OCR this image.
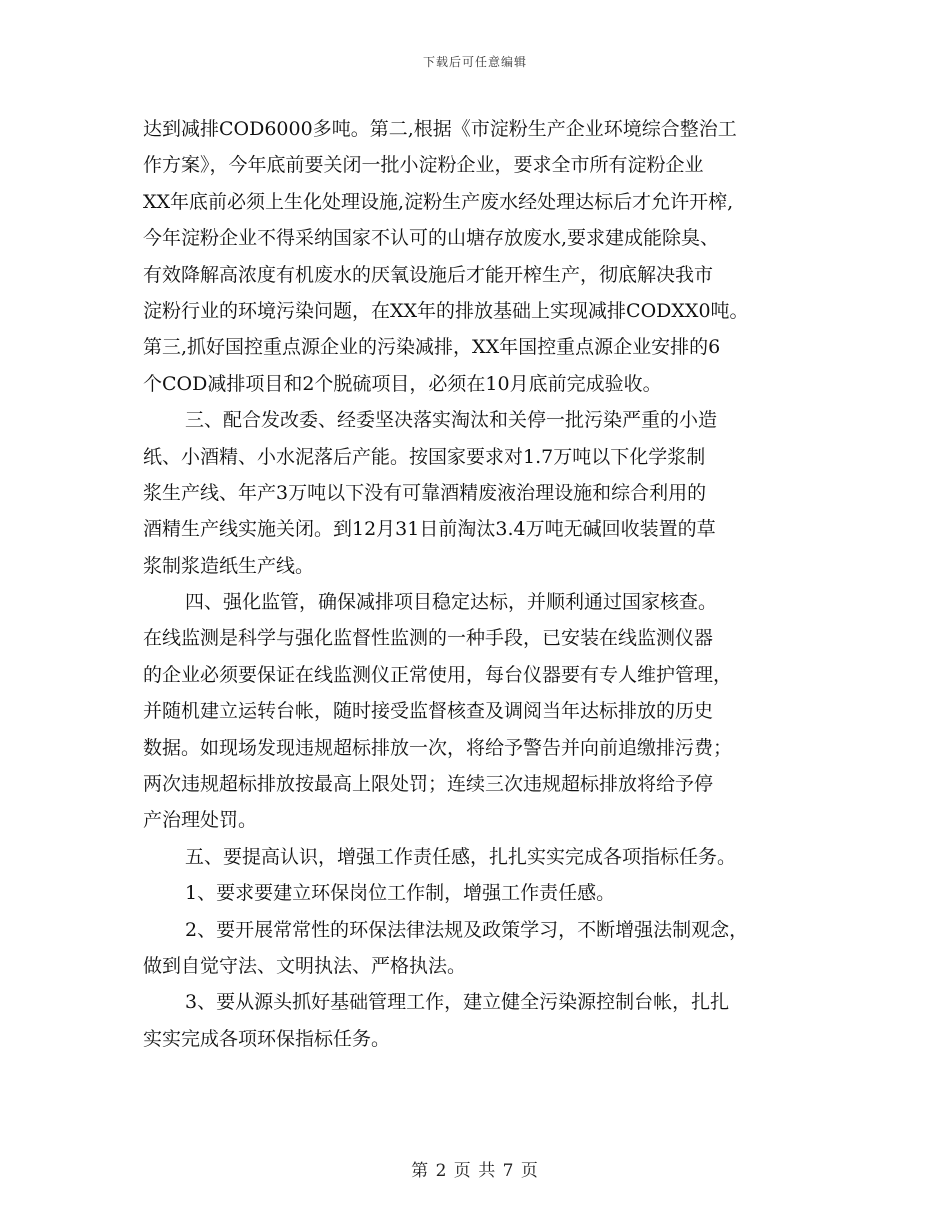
下载后可任意编辑
达到减排COD6000多吨。第二,根据《市淀粉生产企业环境综合整治工
作方案》，今年底前要关闭一批小淀粉企业，要求全市所有淀粉企业
XX年底前必须上生化处理设施,淀粉生产废水经处理达标后才允许开榨,
今年淀粉企业不得采纳国家不认可的山塘存放废水,要求建成能除臭、
有效降解高浓度有机废水的厌氧设施后才能开榨生产，彻底解决我市
淀粉行业的环境污染问题，在XX年的排放基础上实现减排CODXX0吨。
第三,抓好国控重点源企业的污染减排，XX年国控重点源企业安排的6
个COD减排项目和2个脱硫项目，必须在10月底前完成验收。
三、配合发改委、经委坚决落实淘汰和关停一批污染严重的小造
纸、小酒精、小水泥落后产能。按国家要求对1.7万吨以下化学浆制
浆生产线、年产3万吨以下没有可靠酒精废液治理设施和综合利用的
酒精生产线实施关闭。到12月31日前淘汰3.4万吨无碱回收装置的草
浆制浆造纸生产线。
四、强化监管，确保减排项目稳定达标，并顺利通过国家核查。
在线监测是科学与强化监督性监测的一种手段，已安装在线监测仪器
的企业必须要保证在线监测仪正常使用，每台仪器要有专人维护管理，
并随机建立运转台帐，随时接受监督核查及调阅当年达标排放的历史
数据。如现场发现违规超标排放一次，将给予警告并向前追缴排污费；
两次违规超标排放按最高上限处罚；连续三次违规超标排放将给予停
产治理处罚。
五、要提高认识，增强工作责任感，扎扎实实完成各项指标任务。
1、要求要建立环保岗位工作制，增强工作责任感。
2、要开展常常性的环保法律法规及政策学习，不断增强法制观念，
做到自觉守法、文明执法、严格执法。
3、要从源头抓好基础管理工作，建立健全污染源控制台帐，扎扎
实实完成各项环保指标任务。
第 2 页 共 7 页
